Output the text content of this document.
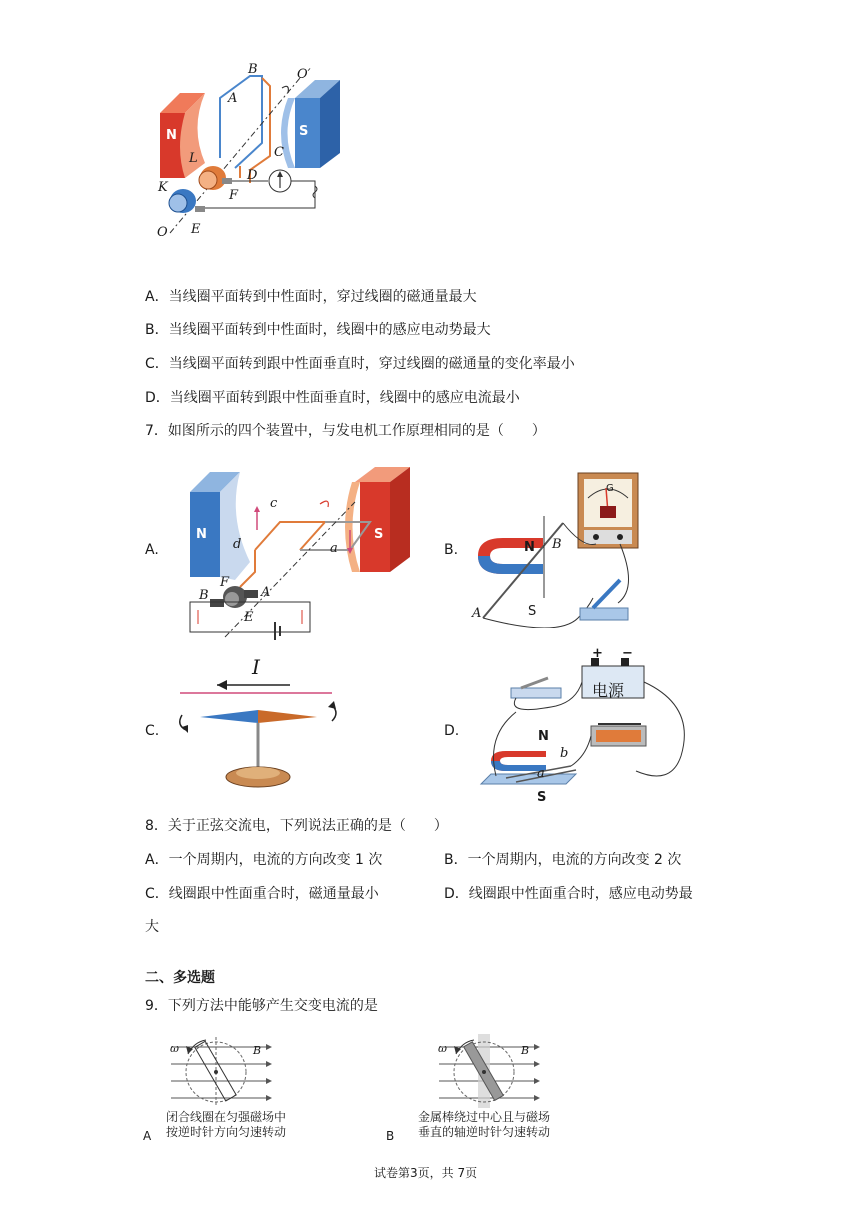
N	S
B
A
O′
C
L
D
K
F
O E
A．当线圈平面转到中性面时，穿过线圈的磁通量最大
B．当线圈平面转到中性面时，线圈中的感应电动势最大
C．当线圈平面转到跟中性面垂直时，穿过线圈的磁通量的变化率最小
D．当线圈平面转到跟中性面垂直时，线圈中的感应电流最小
7．如图所示的四个装置中，与发电机工作原理相同的是（　　）
A.
N	S
c
d	a
F
B	A
E
B.	N B
A	S
G
C.
I
D.
+ −
电源
N
b
a
S
8．关于正弦交流电，下列说法正确的是（　　）
A．一个周期内，电流的方向改变 1 次	B．一个周期内，电流的方向改变 2 次
C．线圈跟中性面重合时，磁通量最小	D．线圈跟中性面重合时，感应电动势最
大
二、多选题
9．下列方法中能够产生交变电流的是
ω	B
闭合线圈在匀强磁场中
按逆时针方向匀速转动
A
ω	B
金属棒绕过中心且与磁场
垂直的轴逆时针匀速转动
B
试卷第3页，共 7页
